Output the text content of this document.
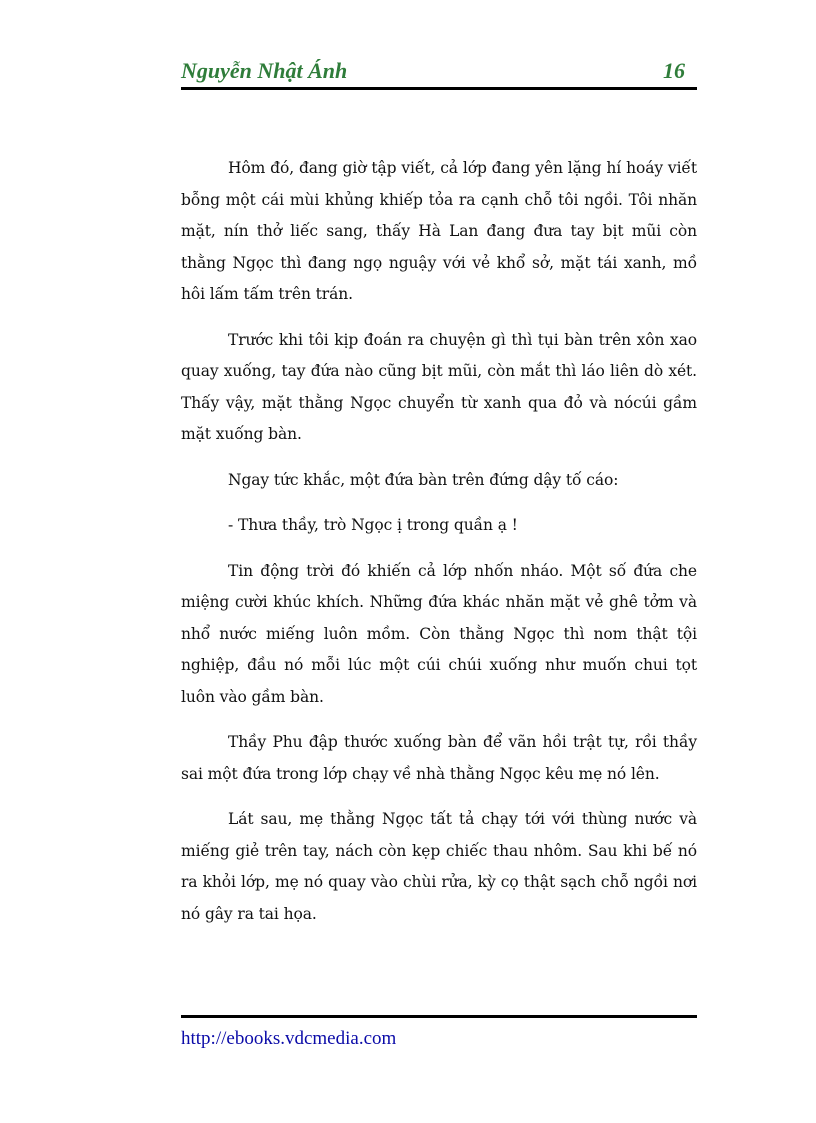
Nguyễn Nhật Ánh	16

Hôm đó, đang giờ tập viết, cả lớp đang yên lặng hí hoáy viết bỗng một cái mùi khủng khiếp tỏa ra cạnh chỗ tôi ngồi. Tôi nhăn mặt, nín thở liếc sang, thấy Hà Lan đang đưa tay bịt mũi còn thằng Ngọc thì đang ngọ nguậy với vẻ khổ sở, mặt tái xanh, mồ hôi lấm tấm trên trán.

Trước khi tôi kịp đoán ra chuyện gì thì tụi bàn trên xôn xao quay xuống, tay đứa nào cũng bịt mũi, còn mắt thì láo liên dò xét. Thấy vậy, mặt thằng Ngọc chuyển từ xanh qua đỏ và nócúi gầm mặt xuống bàn.

Ngay tức khắc, một đứa bàn trên đứng dậy tố cáo:

- Thưa thầy, trò Ngọc ị trong quần ạ !

Tin động trời đó khiến cả lớp nhốn nháo. Một số đứa che miệng cười khúc khích. Những đứa khác nhăn mặt vẻ ghê tởm và nhổ nước miếng luôn mồm. Còn thằng Ngọc thì nom thật tội nghiệp, đầu nó mỗi lúc một cúi chúi xuống như muốn chui tọt luôn vào gầm bàn.

Thầy Phu đập thước xuống bàn để vãn hồi trật tự, rồi thầy sai một đứa trong lớp chạy về nhà thằng Ngọc kêu mẹ nó lên.

Lát sau, mẹ thằng Ngọc tất tả chạy tới với thùng nước và miếng giẻ trên tay, nách còn kẹp chiếc thau nhôm. Sau khi bế nó ra khỏi lớp, mẹ nó quay vào chùi rửa, kỳ cọ thật sạch chỗ ngồi nơi nó gây ra tai họa.

http://ebooks.vdcmedia.com
